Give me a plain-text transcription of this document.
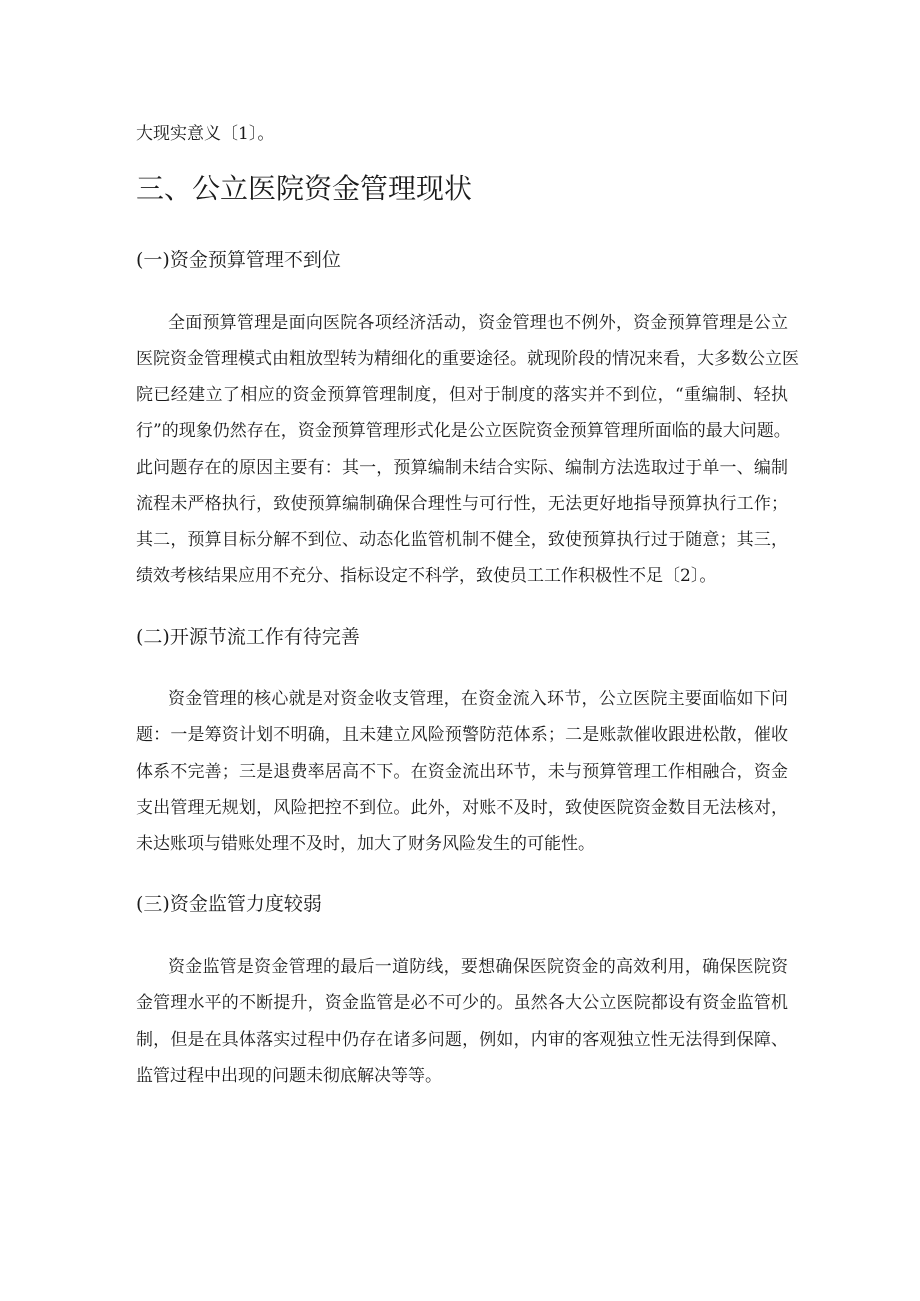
大现实意义〔1〕。
三、公立医院资金管理现状
(一)资金预算管理不到位
全面预算管理是面向医院各项经济活动，资金管理也不例外，资金预算管理是公立
医院资金管理模式由粗放型转为精细化的重要途径。就现阶段的情况来看，大多数公立医
院已经建立了相应的资金预算管理制度，但对于制度的落实并不到位，“重编制、轻执
行”的现象仍然存在，资金预算管理形式化是公立医院资金预算管理所面临的最大问题。
此问题存在的原因主要有：其一，预算编制未结合实际、编制方法选取过于单一、编制
流程未严格执行，致使预算编制确保合理性与可行性，无法更好地指导预算执行工作；
其二，预算目标分解不到位、动态化监管机制不健全，致使预算执行过于随意；其三，
绩效考核结果应用不充分、指标设定不科学，致使员工工作积极性不足〔2〕。
(二)开源节流工作有待完善
资金管理的核心就是对资金收支管理，在资金流入环节，公立医院主要面临如下问
题：一是筹资计划不明确，且未建立风险预警防范体系；二是账款催收跟进松散，催收
体系不完善；三是退费率居高不下。在资金流出环节，未与预算管理工作相融合，资金
支出管理无规划，风险把控不到位。此外，对账不及时，致使医院资金数目无法核对，
未达账项与错账处理不及时，加大了财务风险发生的可能性。
(三)资金监管力度较弱
资金监管是资金管理的最后一道防线，要想确保医院资金的高效利用，确保医院资
金管理水平的不断提升，资金监管是必不可少的。虽然各大公立医院都设有资金监管机
制，但是在具体落实过程中仍存在诸多问题，例如，内审的客观独立性无法得到保障、
监管过程中出现的问题未彻底解决等等。
